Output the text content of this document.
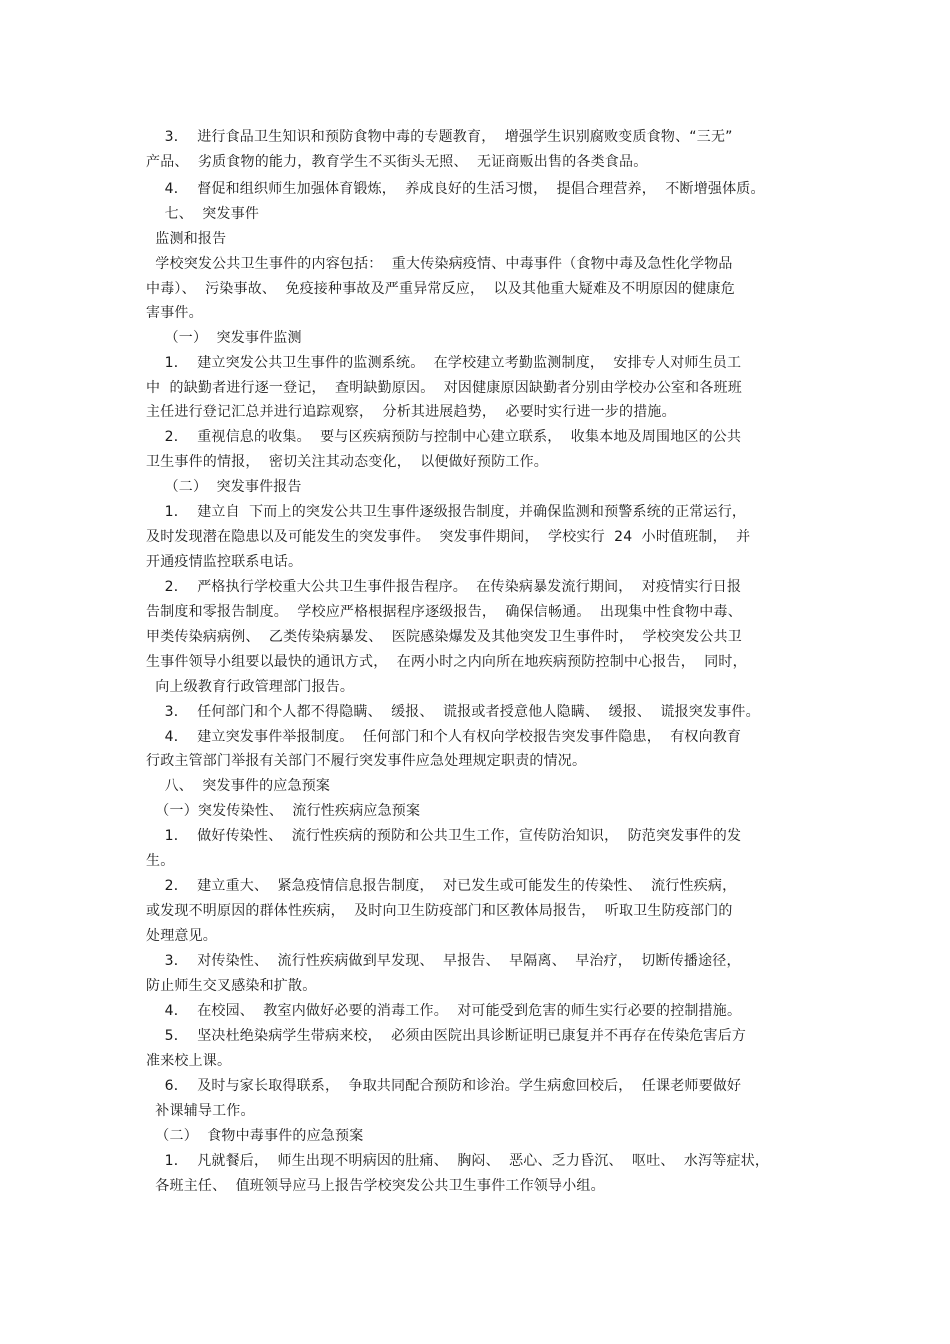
3．  进行食品卫生知识和预防食物中毒的专题教育，  增强学生识别腐败变质食物、“三无”
产品、  劣质食物的能力，教育学生不买街头无照、  无证商贩出售的各类食品。
4．  督促和组织师生加强体育锻炼，  养成良好的生活习惯，  提倡合理营养，  不断增强体质。
七、  突发事件
监测和报告
学校突发公共卫生事件的内容包括：  重大传染病疫情、中毒事件（食物中毒及急性化学物品
中毒）、  污染事故、  免疫接种事故及严重异常反应，  以及其他重大疑难及不明原因的健康危
害事件。
（一）  突发事件监测
1．  建立突发公共卫生事件的监测系统。  在学校建立考勤监测制度，  安排专人对师生员工
中  的缺勤者进行逐一登记，  查明缺勤原因。  对因健康原因缺勤者分别由学校办公室和各班班
主任进行登记汇总并进行追踪观察，  分析其进展趋势，  必要时实行进一步的措施。
2．  重视信息的收集。  要与区疾病预防与控制中心建立联系，  收集本地及周围地区的公共
卫生事件的情报，  密切关注其动态变化，  以便做好预防工作。
（二）  突发事件报告
1．  建立自  下而上的突发公共卫生事件逐级报告制度，并确保监测和预警系统的正常运行，
及时发现潜在隐患以及可能发生的突发事件。  突发事件期间，  学校实行  24  小时值班制，  并
开通疫情监控联系电话。
2．  严格执行学校重大公共卫生事件报告程序。  在传染病暴发流行期间，  对疫情实行日报
告制度和零报告制度。  学校应严格根据程序逐级报告，  确保信畅通。  出现集中性食物中毒、
甲类传染病病例、  乙类传染病暴发、  医院感染爆发及其他突发卫生事件时，  学校突发公共卫
生事件领导小组要以最快的通讯方式，  在两小时之内向所在地疾病预防控制中心报告，  同时，
向上级教育行政管理部门报告。
3．  任何部门和个人都不得隐瞒、  缓报、  谎报或者授意他人隐瞒、  缓报、  谎报突发事件。
4．  建立突发事件举报制度。  任何部门和个人有权向学校报告突发事件隐患，  有权向教育
行政主管部门举报有关部门不履行突发事件应急处理规定职责的情况。
八、  突发事件的应急预案
（一）突发传染性、  流行性疾病应急预案
1．  做好传染性、  流行性疾病的预防和公共卫生工作，宣传防治知识，  防范突发事件的发
生。
2．  建立重大、  紧急疫情信息报告制度，  对已发生或可能发生的传染性、  流行性疾病，
或发现不明原因的群体性疾病，  及时向卫生防疫部门和区教体局报告，  听取卫生防疫部门的
处理意见。
3．  对传染性、  流行性疾病做到早发现、  早报告、  早隔离、  早治疗，  切断传播途径，
防止师生交叉感染和扩散。
4．  在校园、  教室内做好必要的消毒工作。  对可能受到危害的师生实行必要的控制措施。
5．  坚决杜绝染病学生带病来校，  必须由医院出具诊断证明已康复并不再存在传染危害后方
准来校上课。
6．  及时与家长取得联系，  争取共同配合预防和诊治。学生病愈回校后，  任课老师要做好
补课辅导工作。
（二）  食物中毒事件的应急预案
1．  凡就餐后，  师生出现不明病因的肚痛、  胸闷、  恶心、乏力昏沉、  呕吐、  水泻等症状，
各班主任、  值班领导应马上报告学校突发公共卫生事件工作领导小组。
